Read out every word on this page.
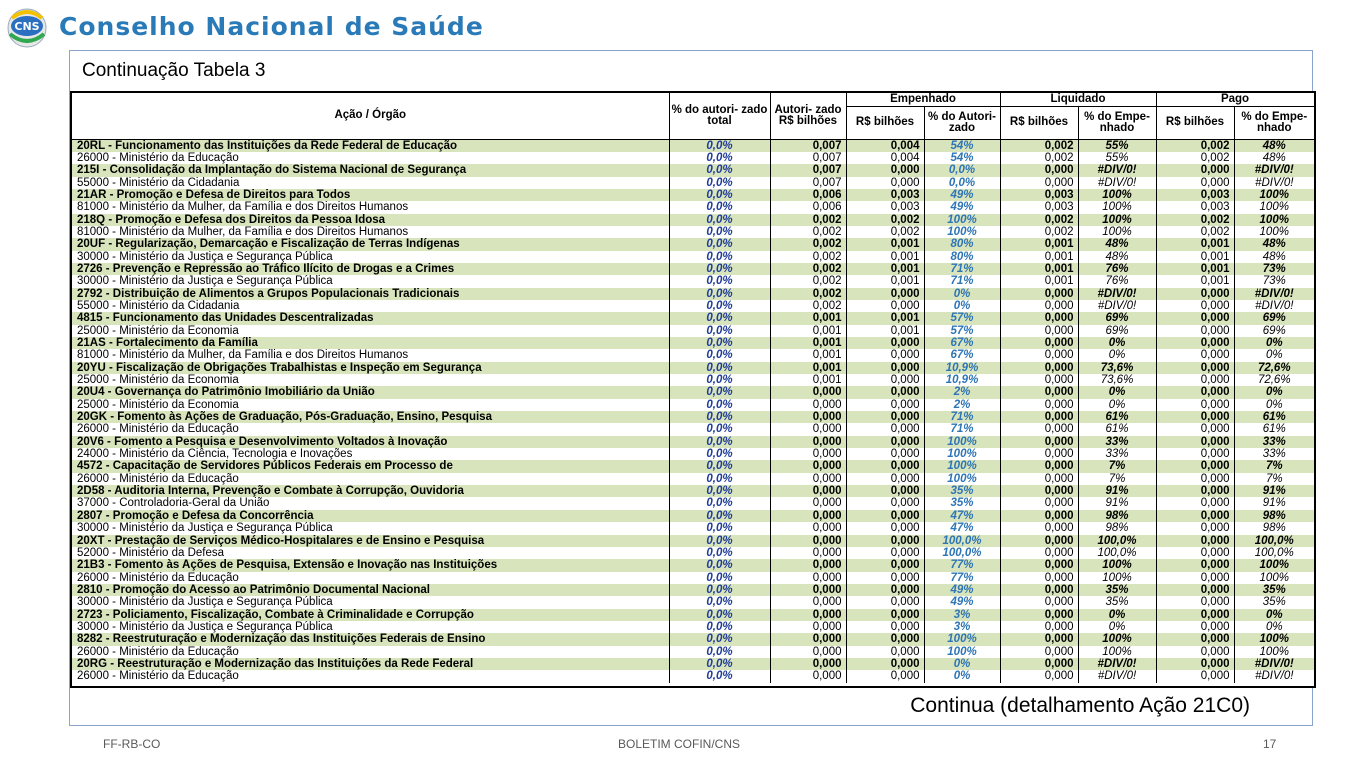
CNS Conselho Nacional de Saúde
Continuação Tabela 3
Ação / Órgão	% do autori- zado total	Autori- zado R$ bilhões	Empenhado		Liquidado		Pago	
			R$ bilhões	% do Autori- zado	R$ bilhões	% do Empe- nhado	R$ bilhões	% do Empe- nhado
20RL - Funcionamento das Instituições da Rede Federal de Educação	0,0%	0,007	0,004	54%	0,002	55%	0,002	48%
26000 - Ministério da Educação	0,0%	0,007	0,004	54%	0,002	55%	0,002	48%
215I - Consolidação da Implantação do Sistema Nacional de Segurança	0,0%	0,007	0,000	0,0%	0,000	#DIV/0!	0,000	#DIV/0!
55000 - Ministério da Cidadania	0,0%	0,007	0,000	0,0%	0,000	#DIV/0!	0,000	#DIV/0!
21AR - Promoção e Defesa de Direitos para Todos	0,0%	0,006	0,003	49%	0,003	100%	0,003	100%
81000 - Ministério da Mulher, da Família e dos Direitos Humanos	0,0%	0,006	0,003	49%	0,003	100%	0,003	100%
218Q - Promoção e Defesa dos Direitos da Pessoa Idosa	0,0%	0,002	0,002	100%	0,002	100%	0,002	100%
81000 - Ministério da Mulher, da Família e dos Direitos Humanos	0,0%	0,002	0,002	100%	0,002	100%	0,002	100%
20UF - Regularização, Demarcação e Fiscalização de Terras Indígenas	0,0%	0,002	0,001	80%	0,001	48%	0,001	48%
30000 - Ministério da Justiça e Segurança Pública	0,0%	0,002	0,001	80%	0,001	48%	0,001	48%
2726 - Prevenção e Repressão ao Tráfico Ilícito de Drogas e a Crimes	0,0%	0,002	0,001	71%	0,001	76%	0,001	73%
30000 - Ministério da Justiça e Segurança Pública	0,0%	0,002	0,001	71%	0,001	76%	0,001	73%
2792 - Distribuição de Alimentos a Grupos Populacionais Tradicionais	0,0%	0,002	0,000	0%	0,000	#DIV/0!	0,000	#DIV/0!
55000 - Ministério da Cidadania	0,0%	0,002	0,000	0%	0,000	#DIV/0!	0,000	#DIV/0!
4815 - Funcionamento das Unidades Descentralizadas	0,0%	0,001	0,001	57%	0,000	69%	0,000	69%
25000 - Ministério da Economia	0,0%	0,001	0,001	57%	0,000	69%	0,000	69%
21AS - Fortalecimento da Família	0,0%	0,001	0,000	67%	0,000	0%	0,000	0%
81000 - Ministério da Mulher, da Família e dos Direitos Humanos	0,0%	0,001	0,000	67%	0,000	0%	0,000	0%
20YU - Fiscalização de Obrigações Trabalhistas e Inspeção em Segurança	0,0%	0,001	0,000	10,9%	0,000	73,6%	0,000	72,6%
25000 - Ministério da Economia	0,0%	0,001	0,000	10,9%	0,000	73,6%	0,000	72,6%
20U4 - Governança do Patrimônio Imobiliário da União	0,0%	0,000	0,000	2%	0,000	0%	0,000	0%
25000 - Ministério da Economia	0,0%	0,000	0,000	2%	0,000	0%	0,000	0%
20GK - Fomento às Ações de Graduação, Pós-Graduação, Ensino, Pesquisa	0,0%	0,000	0,000	71%	0,000	61%	0,000	61%
26000 - Ministério da Educação	0,0%	0,000	0,000	71%	0,000	61%	0,000	61%
20V6 - Fomento a Pesquisa e Desenvolvimento Voltados à Inovação	0,0%	0,000	0,000	100%	0,000	33%	0,000	33%
24000 - Ministério da Ciência, Tecnologia e Inovações	0,0%	0,000	0,000	100%	0,000	33%	0,000	33%
4572 - Capacitação de Servidores Públicos Federais em Processo de	0,0%	0,000	0,000	100%	0,000	7%	0,000	7%
26000 - Ministério da Educação	0,0%	0,000	0,000	100%	0,000	7%	0,000	7%
2D58 - Auditoria Interna, Prevenção e Combate à Corrupção, Ouvidoria	0,0%	0,000	0,000	35%	0,000	91%	0,000	91%
37000 - Controladoria-Geral da União	0,0%	0,000	0,000	35%	0,000	91%	0,000	91%
2807 - Promoção e Defesa da Concorrência	0,0%	0,000	0,000	47%	0,000	98%	0,000	98%
30000 - Ministério da Justiça e Segurança Pública	0,0%	0,000	0,000	47%	0,000	98%	0,000	98%
20XT - Prestação de Serviços Médico-Hospitalares e de Ensino e Pesquisa	0,0%	0,000	0,000	100,0%	0,000	100,0%	0,000	100,0%
52000 - Ministério da Defesa	0,0%	0,000	0,000	100,0%	0,000	100,0%	0,000	100,0%
21B3 - Fomento às Ações de Pesquisa, Extensão e Inovação nas Instituições	0,0%	0,000	0,000	77%	0,000	100%	0,000	100%
26000 - Ministério da Educação	0,0%	0,000	0,000	77%	0,000	100%	0,000	100%
2810 - Promoção do Acesso ao Patrimônio Documental Nacional	0,0%	0,000	0,000	49%	0,000	35%	0,000	35%
30000 - Ministério da Justiça e Segurança Pública	0,0%	0,000	0,000	49%	0,000	35%	0,000	35%
2723 - Policiamento, Fiscalização, Combate à Criminalidade e Corrupção	0,0%	0,000	0,000	3%	0,000	0%	0,000	0%
30000 - Ministério da Justiça e Segurança Pública	0,0%	0,000	0,000	3%	0,000	0%	0,000	0%
8282 - Reestruturação e Modernização das Instituições Federais de Ensino	0,0%	0,000	0,000	100%	0,000	100%	0,000	100%
26000 - Ministério da Educação	0,0%	0,000	0,000	100%	0,000	100%	0,000	100%
20RG - Reestruturação e Modernização das Instituições da Rede Federal	0,0%	0,000	0,000	0%	0,000	#DIV/0!	0,000	#DIV/0!
26000 - Ministério da Educação	0,0%	0,000	0,000	0%	0,000	#DIV/0!	0,000	#DIV/0!
Continua (detalhamento Ação 21C0)
FF-RB-CO	BOLETIM COFIN/CNS	17
